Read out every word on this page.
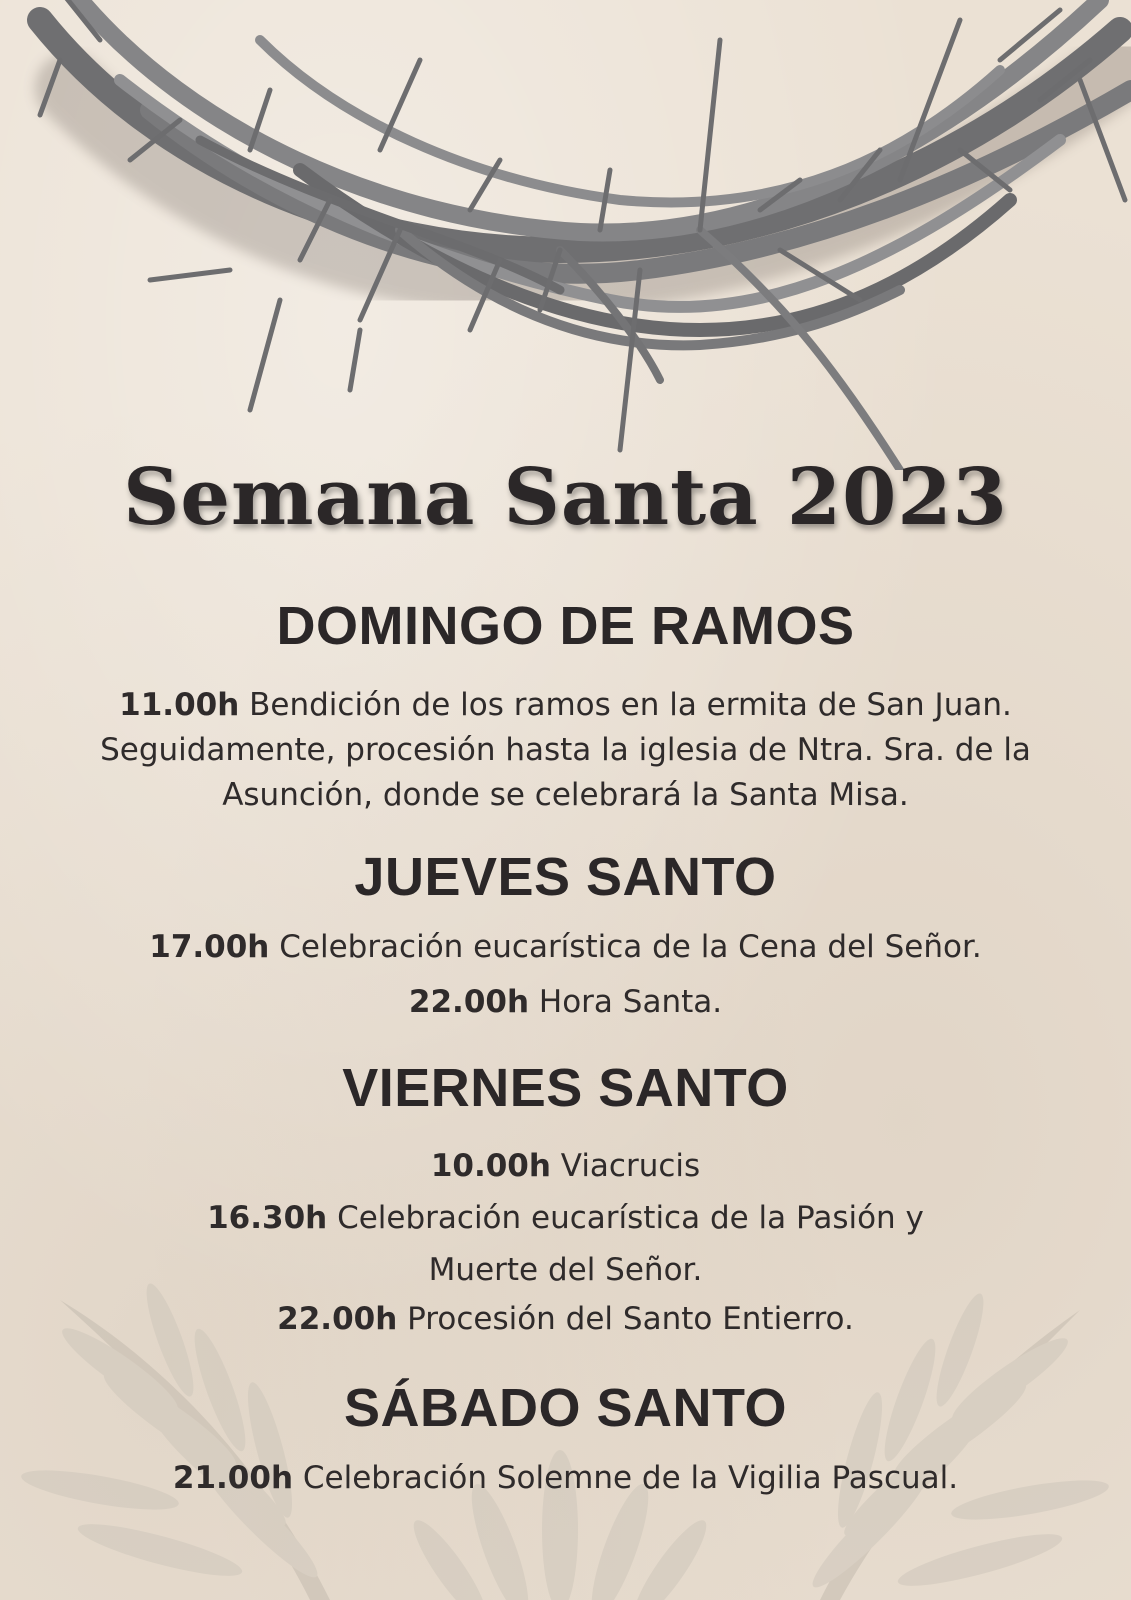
Semana Santa 2023
DOMINGO DE RAMOS
11.00h Bendición de los ramos en la ermita de San Juan. Seguidamente, procesión hasta la iglesia de Ntra. Sra. de la Asunción, donde se celebrará la Santa Misa.
JUEVES SANTO
17.00h Celebración eucarística de la Cena del Señor.
22.00h Hora Santa.
VIERNES SANTO
10.00h Viacrucis
16.30h Celebración eucarística de la Pasión y
Muerte del Señor.
22.00h Procesión del Santo Entierro.
SÁBADO SANTO
21.00h Celebración Solemne de la Vigilia Pascual.
